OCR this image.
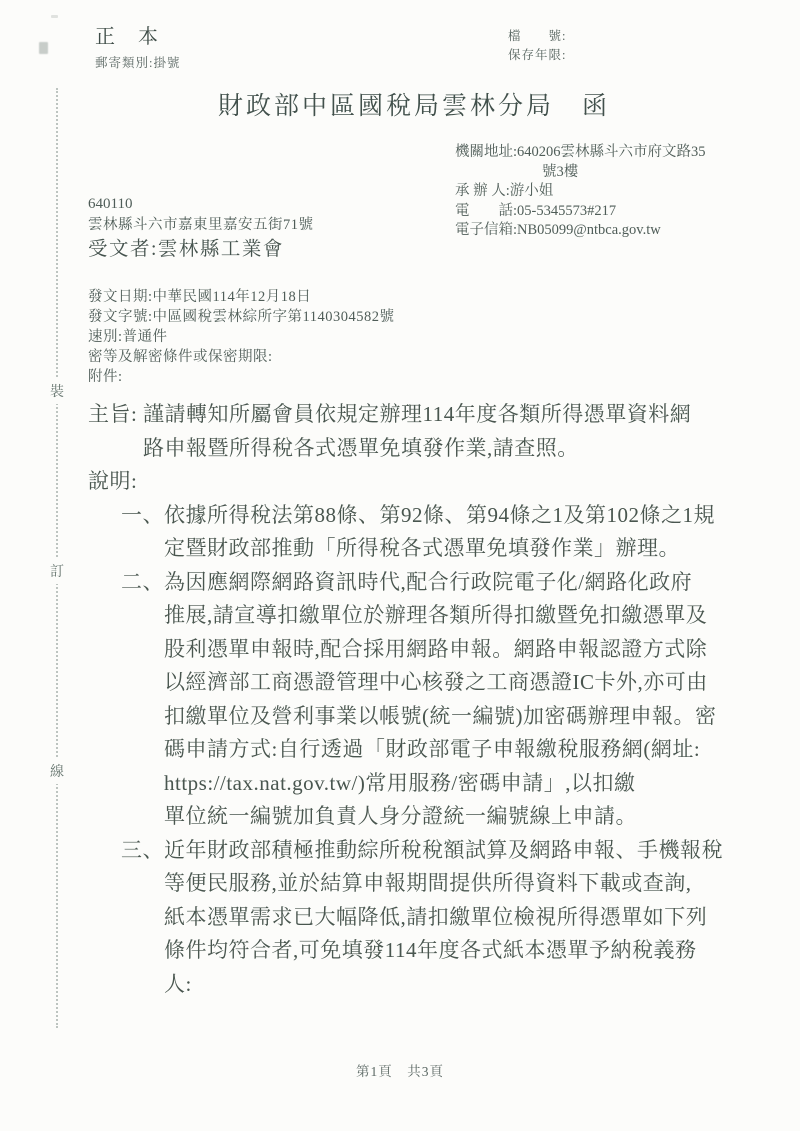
裝
訂
線
正 本
郵寄類別:掛號
檔　　號:
保存年限:
財政部中區國稅局雲林分局　函
機關地址:640206雲林縣斗六市府文路35
　　　　　　號3樓
承 辦 人:游小姐
電　　話:05-5345573#217
電子信箱:NB05099@ntbca.gov.tw
640110
雲林縣斗六市嘉東里嘉安五街71號
受文者:雲林縣工業會
發文日期:中華民國114年12月18日
發文字號:中區國稅雲林綜所字第1140304582號
速別:普通件
密等及解密條件或保密期限:
附件:
主旨: 謹請轉知所屬會員依規定辦理114年度各類所得憑單資料網
路申報暨所得稅各式憑單免填發作業,請查照。
說明:
一、 依據所得稅法第88條、第92條、第94條之1及第102條之1規
定暨財政部推動「所得稅各式憑單免填發作業」辦理。
二、 為因應網際網路資訊時代,配合行政院電子化/網路化政府
推展,請宣導扣繳單位於辦理各類所得扣繳暨免扣繳憑單及
股利憑單申報時,配合採用網路申報。網路申報認證方式除
以經濟部工商憑證管理中心核發之工商憑證IC卡外,亦可由
扣繳單位及營利事業以帳號(統一編號)加密碼辦理申報。密
碼申請方式:自行透過「財政部電子申報繳稅服務網(網址:
https://tax.nat.gov.tw/)常用服務/密碼申請」,以扣繳
單位統一編號加負責人身分證統一編號線上申請。
三、 近年財政部積極推動綜所稅稅額試算及網路申報、手機報稅
等便民服務,並於結算申報期間提供所得資料下載或查詢,
紙本憑單需求已大幅降低,請扣繳單位檢視所得憑單如下列
條件均符合者,可免填發114年度各式紙本憑單予納稅義務
人:
第1頁　共3頁
